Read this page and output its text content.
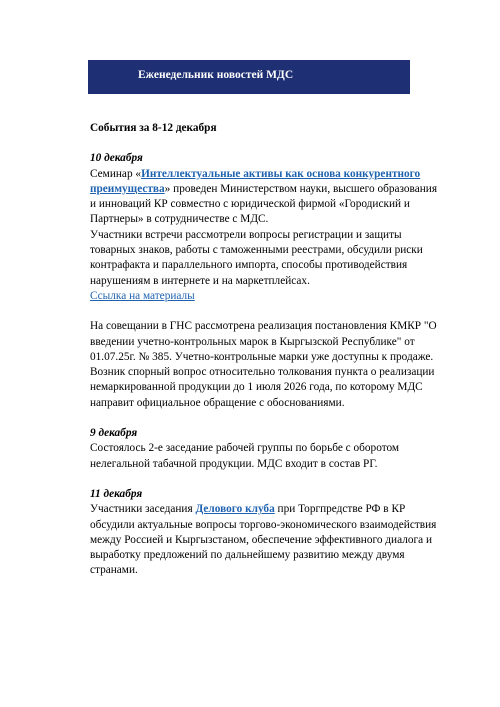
Еженедельник новостей МДС

События за 8-12 декабря

10 декабря

Семинар «Интеллектуальные активы как основа конкурентного преимущества» проведен Министерством науки, высшего образования и инноваций КР совместно с юридической фирмой «Городиский и Партнеры» в сотрудничестве с МДС.

Участники встречи рассмотрели вопросы регистрации и защиты товарных знаков, работы с таможенными реестрами, обсудили риски контрафакта и параллельного импорта, способы противодействия нарушениям в интернете и на маркетплейсах.

Ссылка на материалы

На совещании в ГНС рассмотрена реализация постановления КМКР "О введении учетно-контрольных марок в Кыргызской Республике" от 01.07.25г. № 385. Учетно-контрольные марки уже доступны к продаже. Возник спорный вопрос относительно толкования пункта о реализации немаркированной продукции до 1 июля 2026 года, по которому МДС направит официальное обращение с обоснованиями.

9 декабря

Состоялось 2-е заседание рабочей группы по борьбе с оборотом нелегальной табачной продукции. МДС входит в состав РГ.

11 декабря

Участники заседания Делового клуба при Торгпредстве РФ в КР обсудили актуальные вопросы торгово-экономического взаимодействия между Россией и Кыргызстаном, обеспечение эффективного диалога и выработку предложений по дальнейшему развитию между двумя странами.
